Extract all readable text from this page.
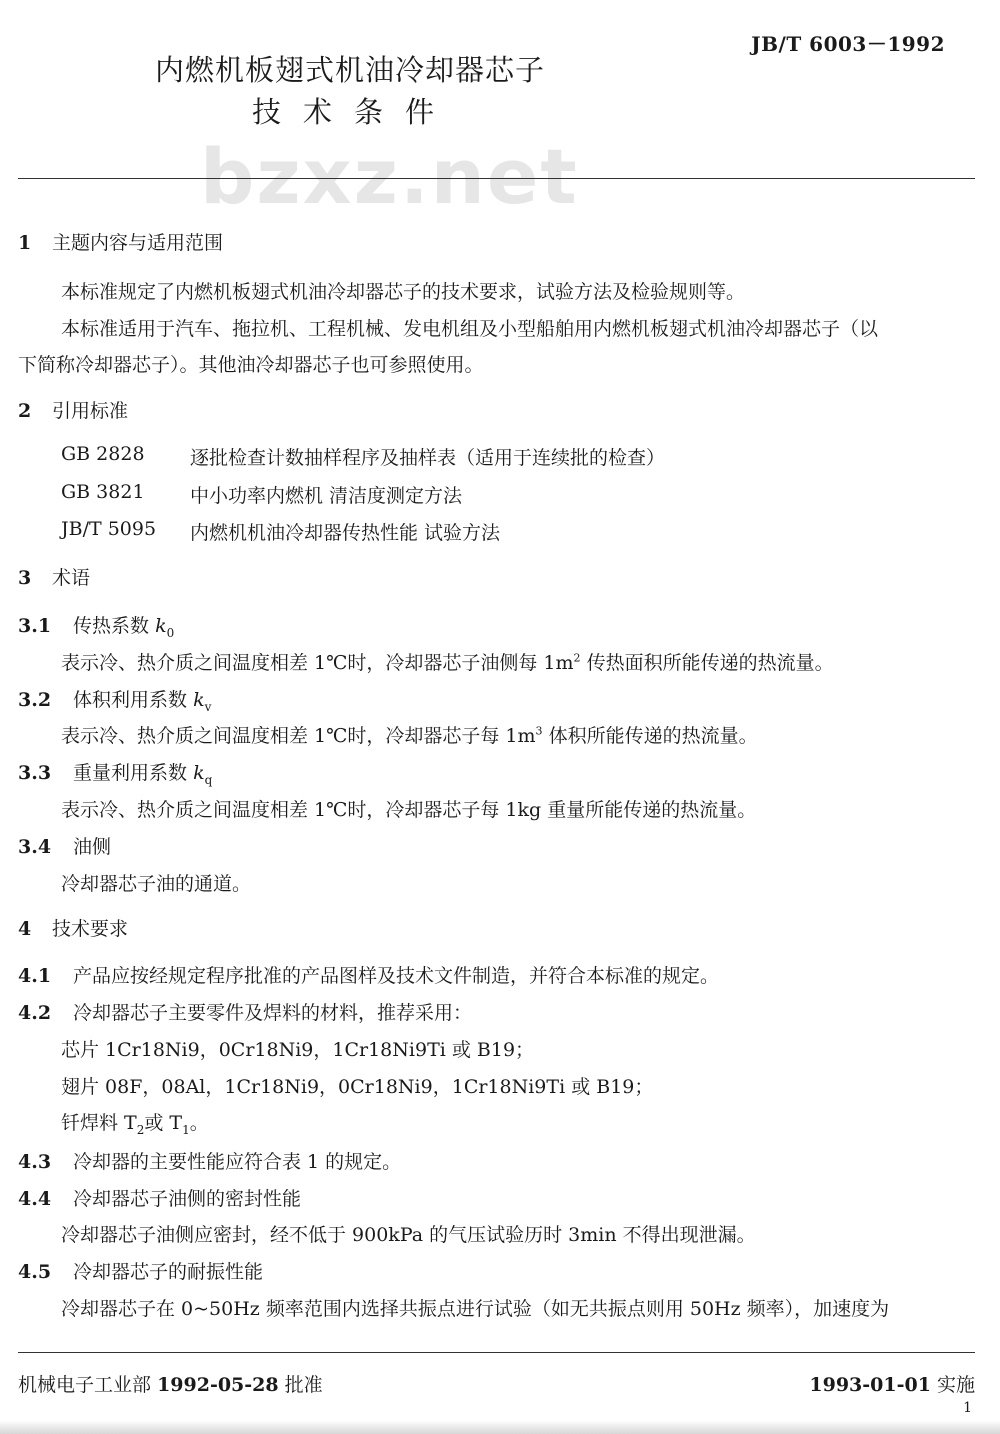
JB/T 6003－1992
内燃机板翅式机油冷却器芯子
技术条件
bzxz.net
1 主题内容与适用范围
本标准规定了内燃机板翅式机油冷却器芯子的技术要求，试验方法及检验规则等。
本标准适用于汽车、拖拉机、工程机械、发电机组及小型船舶用内燃机板翅式机油冷却器芯子（以
下简称冷却器芯子）。其他油冷却器芯子也可参照使用。
2 引用标准
GB 2828 逐批检查计数抽样程序及抽样表（适用于连续批的检查）
GB 3821 中小功率内燃机 清洁度测定方法
JB/T 5095 内燃机机油冷却器传热性能 试验方法
3 术语
3.1 传热系数 $k_0$
表示冷、热介质之间温度相差 1℃时，冷却器芯子油侧每 $1m^2$ 传热面积所能传递的热流量。
3.2 体积利用系数 $k_v$
表示冷、热介质之间温度相差 1℃时，冷却器芯子每 $1m^3$ 体积所能传递的热流量。
3.3 重量利用系数 $k_q$
表示冷、热介质之间温度相差 1℃时，冷却器芯子每 1kg 重量所能传递的热流量。
3.4 油侧
冷却器芯子油的通道。
4 技术要求
4.1 产品应按经规定程序批准的产品图样及技术文件制造，并符合本标准的规定。
4.2 冷却器芯子主要零件及焊料的材料，推荐采用：
芯片 1Cr18Ni9，0Cr18Ni9，1Cr18Ni9Ti 或 B19；
翅片 08F，08Al，1Cr18Ni9，0Cr18Ni9，1Cr18Ni9Ti 或 B19；
钎焊料 $T_2$或 $T_1$。
4.3 冷却器的主要性能应符合表 1 的规定。
4.4 冷却器芯子油侧的密封性能
冷却器芯子油侧应密封，经不低于 900kPa 的气压试验历时 3min 不得出现泄漏。
4.5 冷却器芯子的耐振性能
冷却器芯子在 0~50Hz 频率范围内选择共振点进行试验（如无共振点则用 50Hz 频率），加速度为
机械电子工业部 1992-05-28 批准	1993-01-01 实施
1
